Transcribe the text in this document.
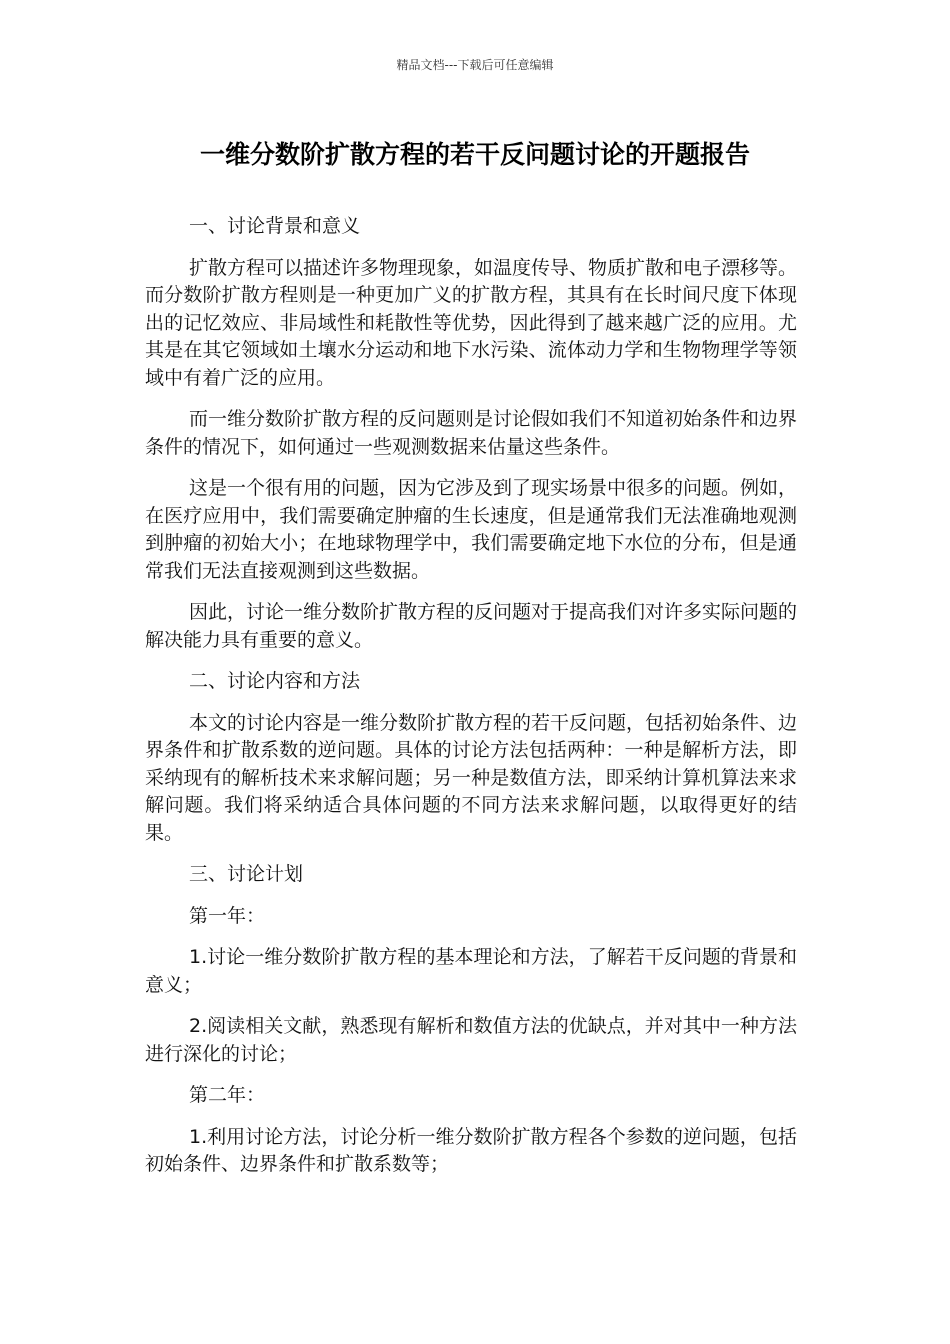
精品文档---下载后可任意编辑
一维分数阶扩散方程的若干反问题讨论的开题报告

一、讨论背景和意义

扩散方程可以描述许多物理现象，如温度传导、物质扩散和电子漂移等。而分数阶扩散方程则是一种更加广义的扩散方程，其具有在长时间尺度下体现出的记忆效应、非局域性和耗散性等优势，因此得到了越来越广泛的应用。尤其是在其它领域如土壤水分运动和地下水污染、流体动力学和生物物理学等领域中有着广泛的应用。

而一维分数阶扩散方程的反问题则是讨论假如我们不知道初始条件和边界条件的情况下，如何通过一些观测数据来估量这些条件。

这是一个很有用的问题，因为它涉及到了现实场景中很多的问题。例如，在医疗应用中，我们需要确定肿瘤的生长速度，但是通常我们无法准确地观测到肿瘤的初始大小；在地球物理学中，我们需要确定地下水位的分布，但是通常我们无法直接观测到这些数据。

因此，讨论一维分数阶扩散方程的反问题对于提高我们对许多实际问题的解决能力具有重要的意义。

二、讨论内容和方法

本文的讨论内容是一维分数阶扩散方程的若干反问题，包括初始条件、边界条件和扩散系数的逆问题。具体的讨论方法包括两种：一种是解析方法，即采纳现有的解析技术来求解问题；另一种是数值方法，即采纳计算机算法来求解问题。我们将采纳适合具体问题的不同方法来求解问题，以取得更好的结果。

三、讨论计划

第一年：

1.讨论一维分数阶扩散方程的基本理论和方法，了解若干反问题的背景和意义；

2.阅读相关文献，熟悉现有解析和数值方法的优缺点，并对其中一种方法进行深化的讨论；

第二年：

1.利用讨论方法，讨论分析一维分数阶扩散方程各个参数的逆问题，包括初始条件、边界条件和扩散系数等；
